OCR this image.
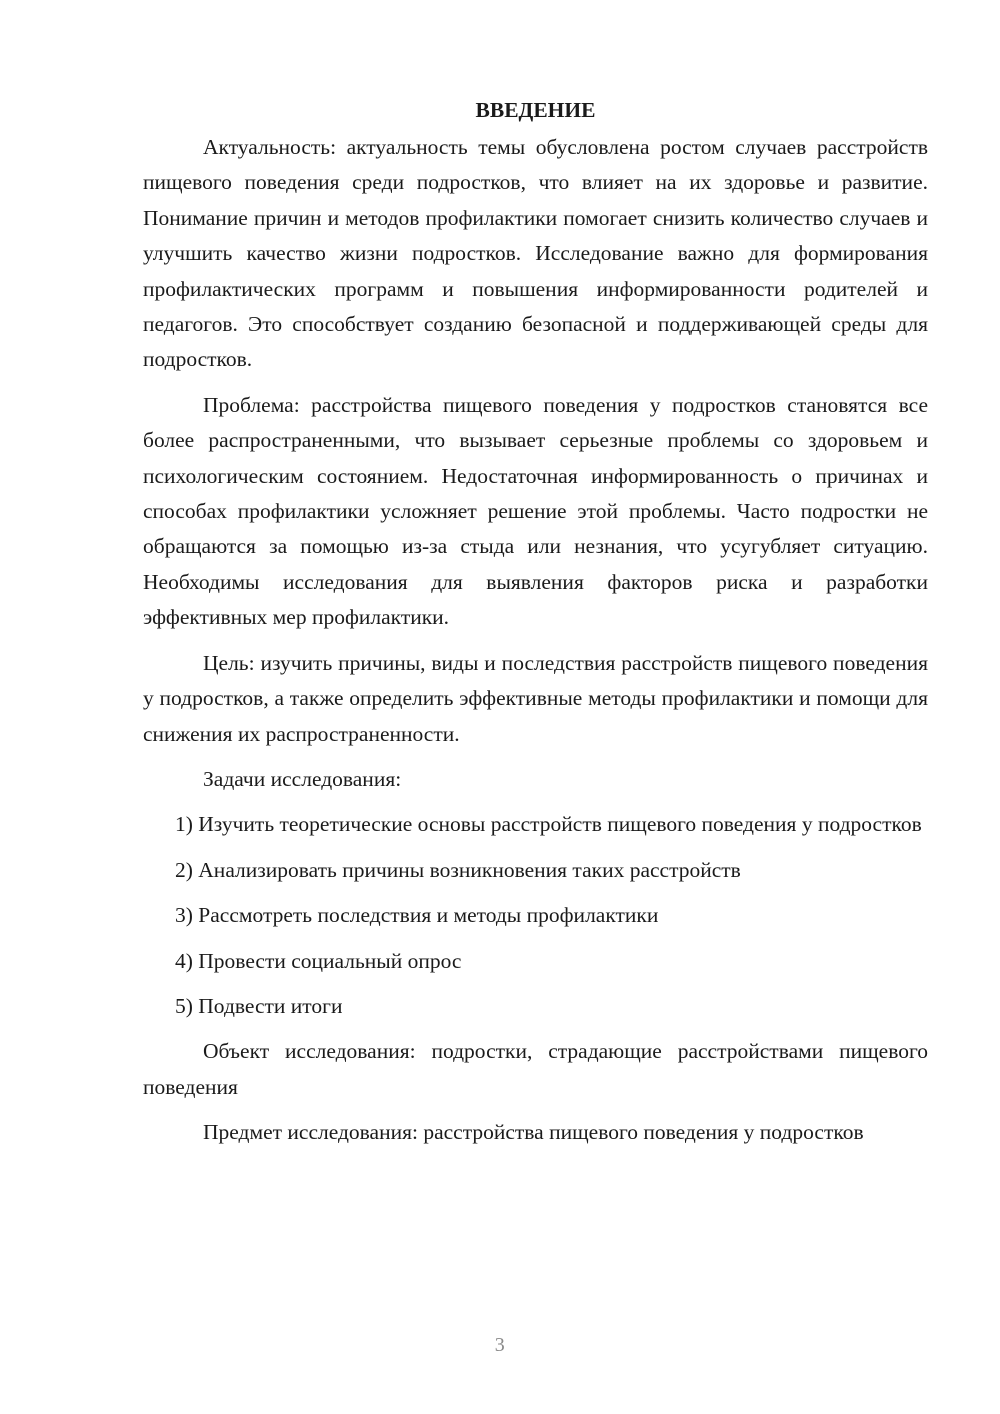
ВВЕДЕНИЕ

Актуальность: актуальность темы обусловлена ростом случаев расстройств пищевого поведения среди подростков, что влияет на их здоровье и развитие. Понимание причин и методов профилактики помогает снизить количество случаев и улучшить качество жизни подростков. Исследование важно для формирования профилактических программ и повышения информированности родителей и педагогов. Это способствует созданию безопасной и поддерживающей среды для подростков.

Проблема: расстройства пищевого поведения у подростков становятся все более распространенными, что вызывает серьезные проблемы со здоровьем и психологическим состоянием. Недостаточная информированность о причинах и способах профилактики усложняет решение этой проблемы. Часто подростки не обращаются за помощью из-за стыда или незнания, что усугубляет ситуацию. Необходимы исследования для выявления факторов риска и разработки эффективных мер профилактики.

Цель: изучить причины, виды и последствия расстройств пищевого поведения у подростков, а также определить эффективные методы профилактики и помощи для снижения их распространенности.

Задачи исследования:

1) Изучить теоретические основы расстройств пищевого поведения у подростков
2) Анализировать причины возникновения таких расстройств
3) Рассмотреть последствия и методы профилактики
4) Провести социальный опрос
5) Подвести итоги

Объект исследования: подростки, страдающие расстройствами пищевого поведения

Предмет исследования: расстройства пищевого поведения у подростков

3
